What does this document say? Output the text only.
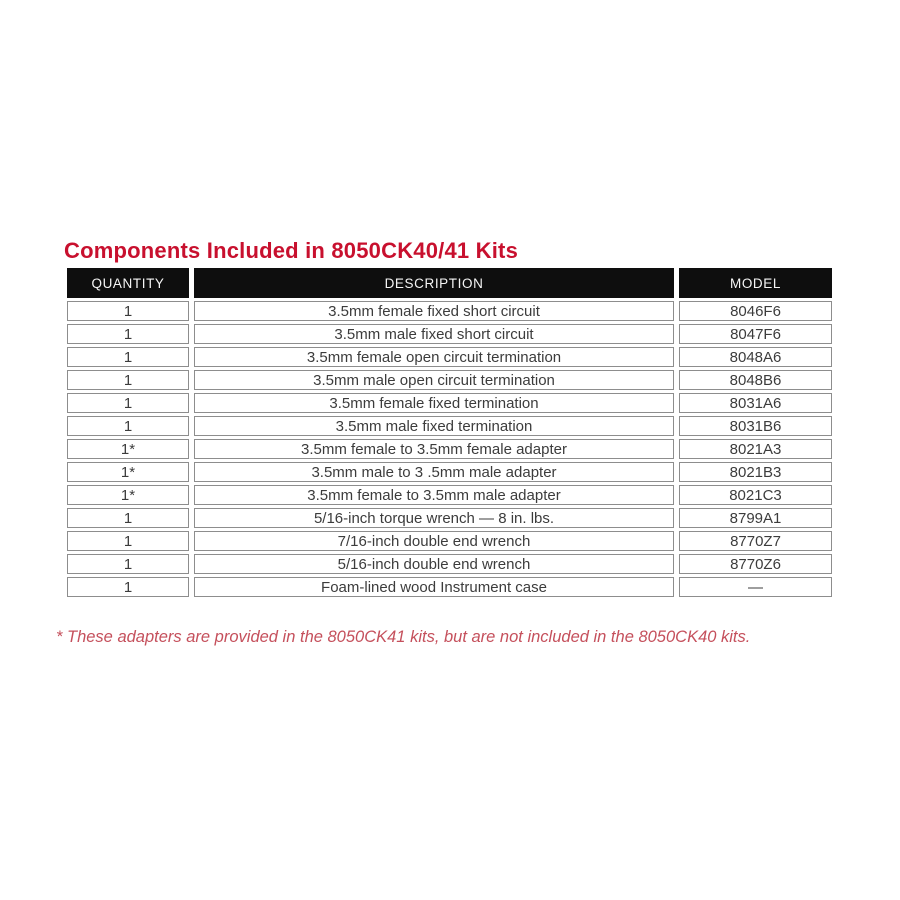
Components Included in 8050CK40/41 Kits
QUANTITY	DESCRIPTION	MODEL
1	3.5mm female fixed short circuit	8046F6
1	3.5mm male fixed short circuit	8047F6
1	3.5mm female open circuit termination	8048A6
1	3.5mm male open circuit termination	8048B6
1	3.5mm female fixed termination	8031A6
1	3.5mm male fixed termination	8031B6
1*	3.5mm female to 3.5mm female adapter	8021A3
1*	3.5mm male to 3 .5mm male adapter	8021B3
1*	3.5mm female to 3.5mm male adapter	8021C3
1	5/16-inch torque wrench — 8 in. lbs.	8799A1
1	7/16-inch double end wrench	8770Z7
1	5/16-inch double end wrench	8770Z6
1	Foam-lined wood Instrument case	—
* These adapters are provided in the 8050CK41 kits, but are not included in the 8050CK40 kits.
